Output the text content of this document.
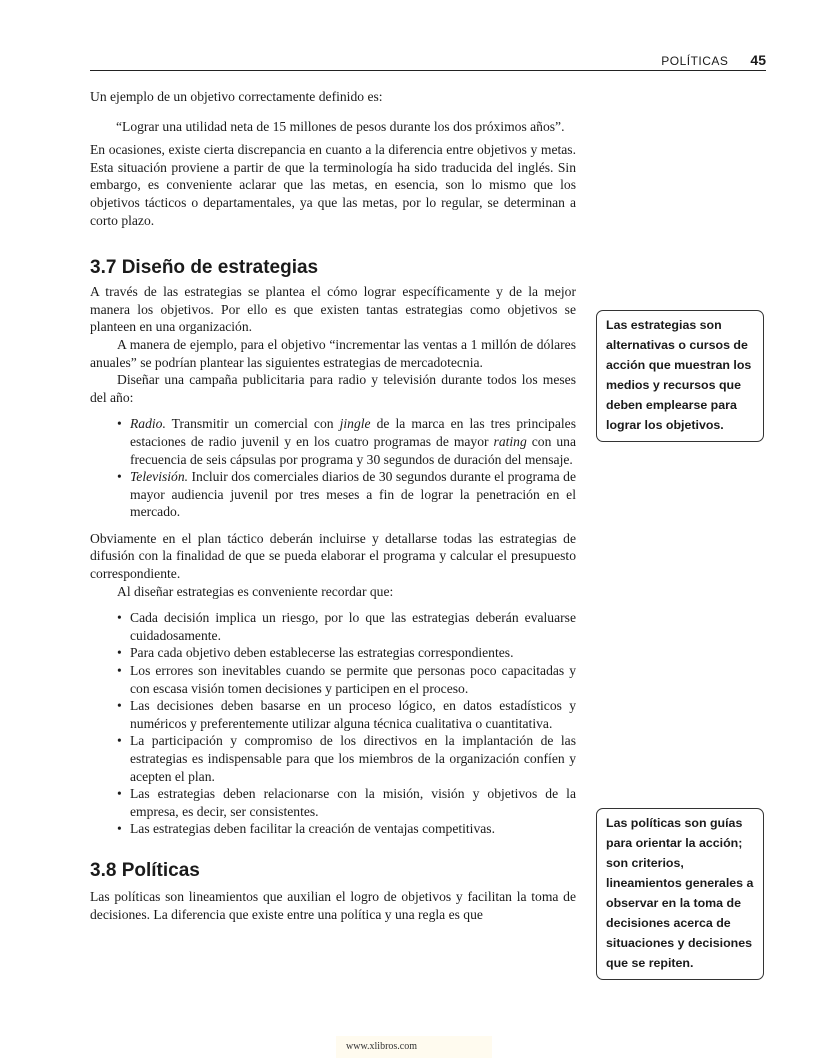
POLÍTICAS 45

Un ejemplo de un objetivo correctamente definido es:

“Lograr una utilidad neta de 15 millones de pesos durante los dos próximos años”.

En ocasiones, existe cierta discrepancia en cuanto a la diferencia entre objetivos y metas. Esta situación proviene a partir de que la terminología ha sido traducida del inglés. Sin embargo, es conveniente aclarar que las metas, en esencia, son lo mismo que los objetivos tácticos o departamentales, ya que las metas, por lo regular, se determinan a corto plazo.

3.7 Diseño de estrategias

A través de las estrategias se plantea el cómo lograr específicamente y de la mejor manera los objetivos. Por ello es que existen tantas estrategias como objetivos se planteen en una organización.

A manera de ejemplo, para el objetivo “incrementar las ventas a 1 millón de dólares anuales” se podrían plantear las siguientes estrategias de mercadotecnia.

Diseñar una campaña publicitaria para radio y televisión durante todos los meses del año:

• Radio. Transmitir un comercial con jingle de la marca en las tres principales estaciones de radio juvenil y en los cuatro programas de mayor rating con una frecuencia de seis cápsulas por programa y 30 segundos de duración del mensaje.
• Televisión. Incluir dos comerciales diarios de 30 segundos durante el programa de mayor audiencia juvenil por tres meses a fin de lograr la penetración en el mercado.

Obviamente en el plan táctico deberán incluirse y detallarse todas las estrategias de difusión con la finalidad de que se pueda elaborar el programa y calcular el presupuesto correspondiente.

Al diseñar estrategias es conveniente recordar que:

• Cada decisión implica un riesgo, por lo que las estrategias deberán evaluarse cuidadosamente.
• Para cada objetivo deben establecerse las estrategias correspondientes.
• Los errores son inevitables cuando se permite que personas poco capacitadas y con escasa visión tomen decisiones y participen en el proceso.
• Las decisiones deben basarse en un proceso lógico, en datos estadísticos y numéricos y preferentemente utilizar alguna técnica cualitativa o cuantitativa.
• La participación y compromiso de los directivos en la implantación de las estrategias es indispensable para que los miembros de la organización confíen y acepten el plan.
• Las estrategias deben relacionarse con la misión, visión y objetivos de la empresa, es decir, ser consistentes.
• Las estrategias deben facilitar la creación de ventajas competitivas.
3.8 Políticas

Las políticas son lineamientos que auxilian el logro de objetivos y facilitan la toma de decisiones. La diferencia que existe entre una política y una regla es que

Las estrategias son alternativas o cursos de acción que muestran los medios y recursos que deben emplearse para lograr los objetivos.
Las políticas son guías para orientar la acción; son criterios, lineamientos generales a observar en la toma de decisiones acerca de situaciones y decisiones que se repiten.
www.xlibros.com
